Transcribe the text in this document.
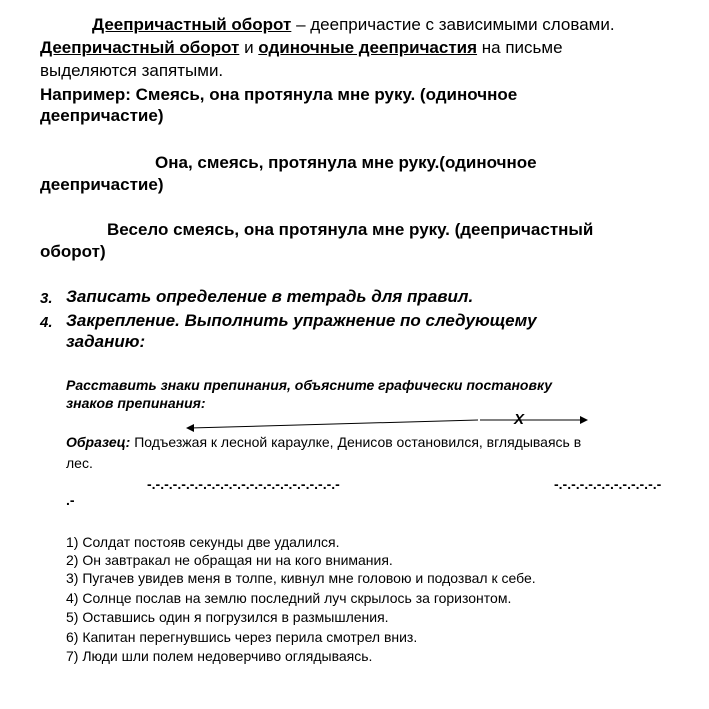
Деепричастный оборот – деепричастие с зависимыми словами.
Деепричастный оборот и одиночные деепричастия на письме
выделяются запятыми.
Например: Смеясь, она протянула мне руку. (одиночное
деепричастие)
Она, смеясь, протянула мне руку.(одиночное
деепричастие)
Весело смеясь, она протянула мне руку. (деепричастный
оборот)
3. Записать определение в тетрадь для правил.
4. Закрепление. Выполнить упражнение по следующему
заданию:
Расставить знаки препинания, объясните графически постановку
знаков препинания:
Х
Образец: Подъезжая к лесной караулке, Денисов остановился, вглядываясь в
лес.
-.-.-.-.-.-.-.-.-.-.-.-.-.-.-.-.-.-.-.-.-.-.-	-.-.-.-.-.-.-.-.-.-.-.-.-
.-
1) Солдат постояв секунды две удалился.
2) Он завтракал не обращая ни на кого внимания.
3) Пугачев увидев меня в толпе, кивнул мне головою и подозвал к себе.
4) Солнце послав на землю последний луч скрылось за горизонтом.
5) Оставшись один я погрузился в размышления.
6) Капитан перегнувшись через перила смотрел вниз.
7) Люди шли полем недоверчиво оглядываясь.
